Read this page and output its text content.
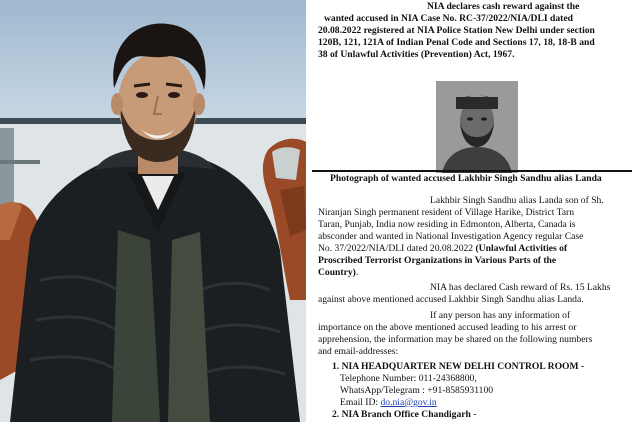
NIA declares cash reward against the
wanted accused in NIA Case No. RC-37/2022/NIA/DLI dated
20.08.2022 registered at NIA Police Station New Delhi under section
120B, 121, 121A of Indian Penal Code and Sections 17, 18, 18-B and
38 of Unlawful Activities (Prevention) Act, 1967.
Photograph of wanted accused Lakhbir Singh Sandhu alias Landa
Lakhbir Singh Sandhu alias Landa son of Sh.
Niranjan Singh permanent resident of Village Harike, District Tarn
Taran, Punjab, India now residing in Edmonton, Alberta, Canada is
absconder and wanted in National Investigation Agency regular Case
No. 37/2022/NIA/DLI dated 20.08.2022 (Unlawful Activities of
Proscribed Terrorist Organizations in Various Parts of the
Country).
NIA has declared Cash reward of Rs. 15 Lakhs
against above mentioned accused Lakhbir Singh Sandhu alias Landa.
If any person has any information of
importance on the above mentioned accused leading to his arrest or
apprehension, the information may be shared on the following numbers
and email-addresses:
1. NIA HEADQUARTER NEW DELHI CONTROL ROOM -
Telephone Number: 011-24368800,
WhatsApp/Telegram : +91-8585931100
Email ID: do.nia@gov.in
2. NIA Branch Office Chandigarh -
